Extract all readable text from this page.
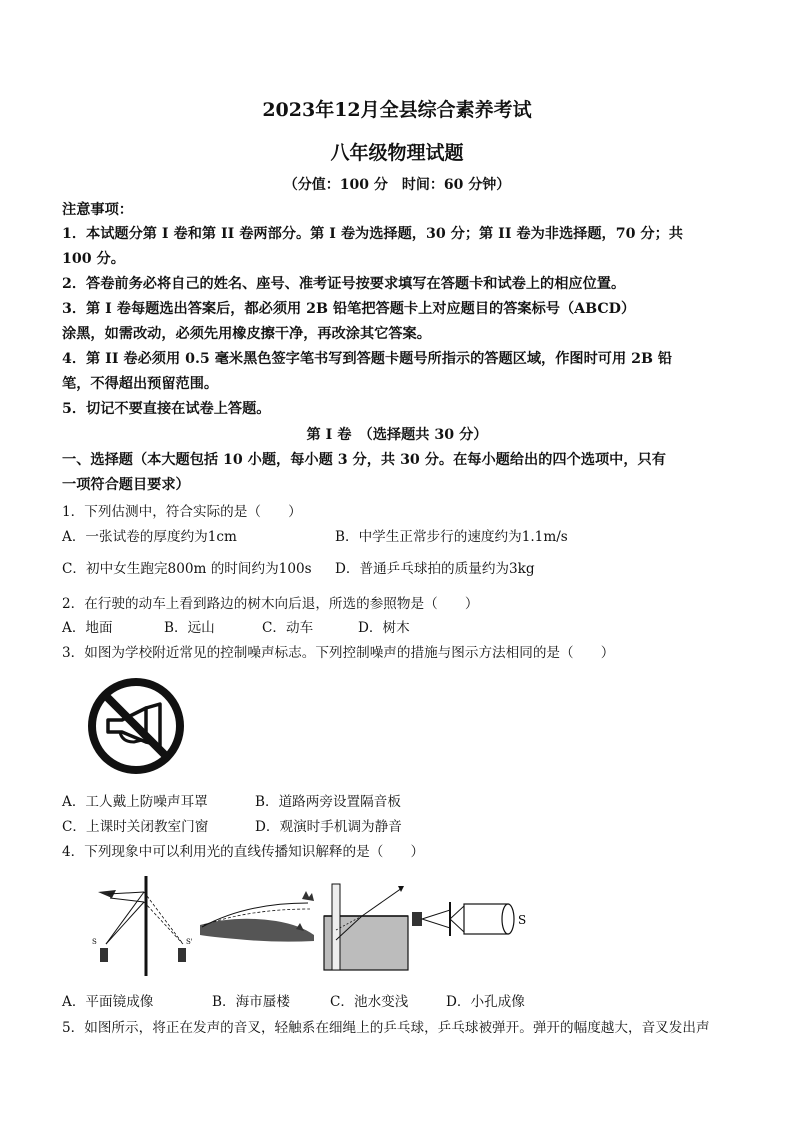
2023年12月全县综合素养考试
八年级物理试题
（分值：100 分　时间：60 分钟）
注意事项：
1．本试题分第 I 卷和第 II 卷两部分。第 I 卷为选择题，30 分；第 II 卷为非选择题，70 分；共
100 分。
2．答卷前务必将自己的姓名、座号、准考证号按要求填写在答题卡和试卷上的相应位置。
3．第 I 卷每题选出答案后，都必须用 2B 铅笔把答题卡上对应题目的答案标号（ABCD）
涂黑，如需改动，必须先用橡皮擦干净，再改涂其它答案。
4．第 II 卷必须用 0.5 毫米黑色签字笔书写到答题卡题号所指示的答题区域，作图时可用 2B 铅
笔，不得超出预留范围。
5．切记不要直接在试卷上答题。
第 I 卷　（选择题共 30 分）
一、选择题（本大题包括 10 小题，每小题 3 分，共 30 分。在每小题给出的四个选项中，只有
一项符合题目要求）
1．下列估测中，符合实际的是（　　）
A．一张试卷的厚度约为1cm	B．中学生正常步行的速度约为1.1m/s
C．初中女生跑完800m 的时间约为100s D．普通乒乓球拍的质量约为3kg
2．在行驶的动车上看到路边的树木向后退，所选的参照物是（　　）
A．地面	B．远山	C．动车	D．树木
3．如图为学校附近常见的控制噪声标志。下列控制噪声的措施与图示方法相同的是（　　）
A．工人戴上防噪声耳罩	B．道路两旁设置隔音板
C．上课时关闭教室门窗	D．观演时手机调为静音
4．下列现象中可以利用光的直线传播知识解释的是（　　）
S	S'
S
A．平面镜成像	B．海市蜃楼	C．池水变浅	D．小孔成像
5．如图所示，将正在发声的音叉，轻触系在细绳上的乒乓球，乒乓球被弹开。弹开的幅度越大，音叉发出声
